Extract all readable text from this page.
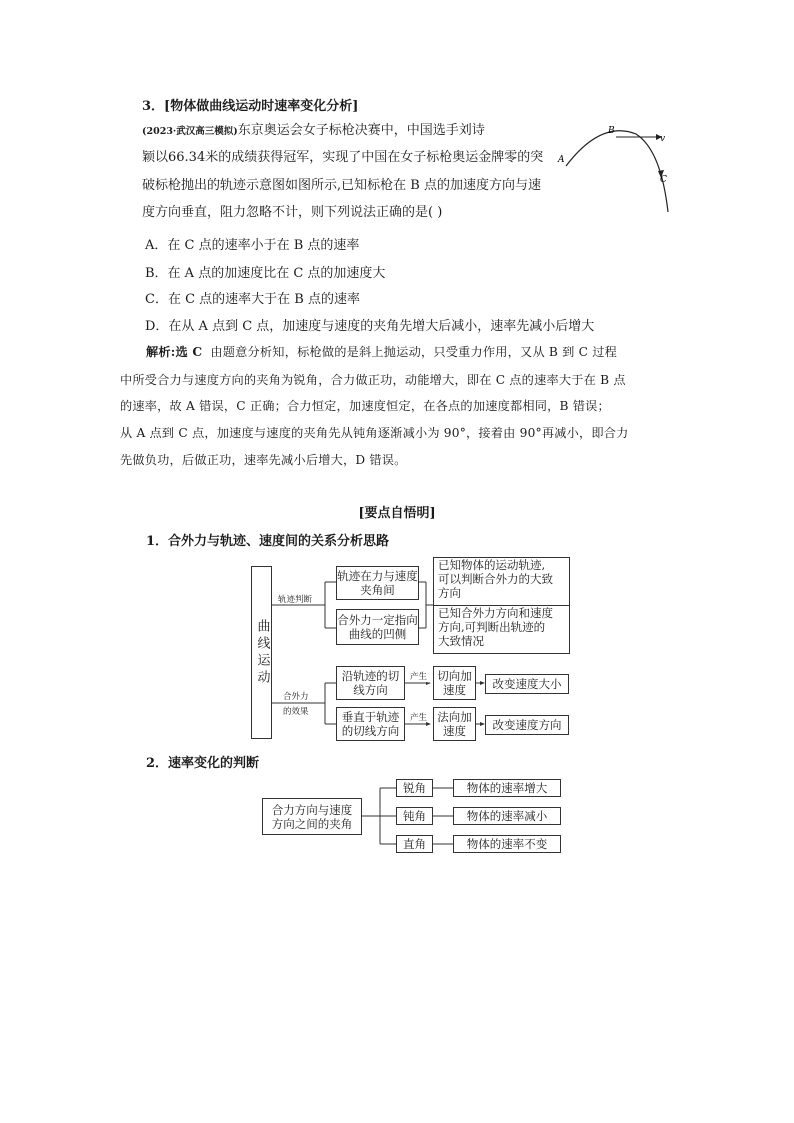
3．[物体做曲线运动时速率变化分析]
(2023·武汉高三模拟)东京奥运会女子标枪决赛中，中国选手刘诗
颖以66.34米的成绩获得冠军，实现了中国在女子标枪奥运金牌零的突
破标枪抛出的轨迹示意图如图所示,已知标枪在 B 点的加速度方向与速
度方向垂直，阻力忽略不计，则下列说法正确的是( )
A
B
C
v
A．在 C 点的速率小于在 B 点的速率
B．在 A 点的加速度比在 C 点的加速度大
C．在 C 点的速率大于在 B 点的速率
D．在从 A 点到 C 点，加速度与速度的夹角先增大后减小，速率先减小后增大
解析:选 C 由题意分析知，标枪做的是斜上抛运动，只受重力作用，又从 B 到 C 过程
中所受合力与速度方向的夹角为锐角，合力做正功，动能增大，即在 C 点的速率大于在 B 点
的速率，故 A 错误，C 正确；合力恒定，加速度恒定，在各点的加速度都相同，B 错误；
从 A 点到 C 点，加速度与速度的夹角先从钝角逐渐减小为 90°，接着由 90°再减小，即合力
先做负功，后做正功，速率先减小后增大，D 错误。
[要点自悟明]
1．合外力与轨迹、速度间的关系分析思路
曲线运动
轨迹判断
合外力
的效果
轨迹在力与速度夹角间
合外力一定指向曲线的凹侧
已知物体的运动轨迹,
可以判断合外力的大致
方向
已知合外力方向和速度
方向,可判断出轨迹的
大致情况
沿轨迹的切线方向
垂直于轨迹的切线方向
产生
产生
切向加速度
法向加速度
改变速度大小
改变速度方向
2．速率变化的判断
合力方向与速度方向之间的夹角
锐角
钝角
直角
物体的速率增大
物体的速率减小
物体的速率不变
